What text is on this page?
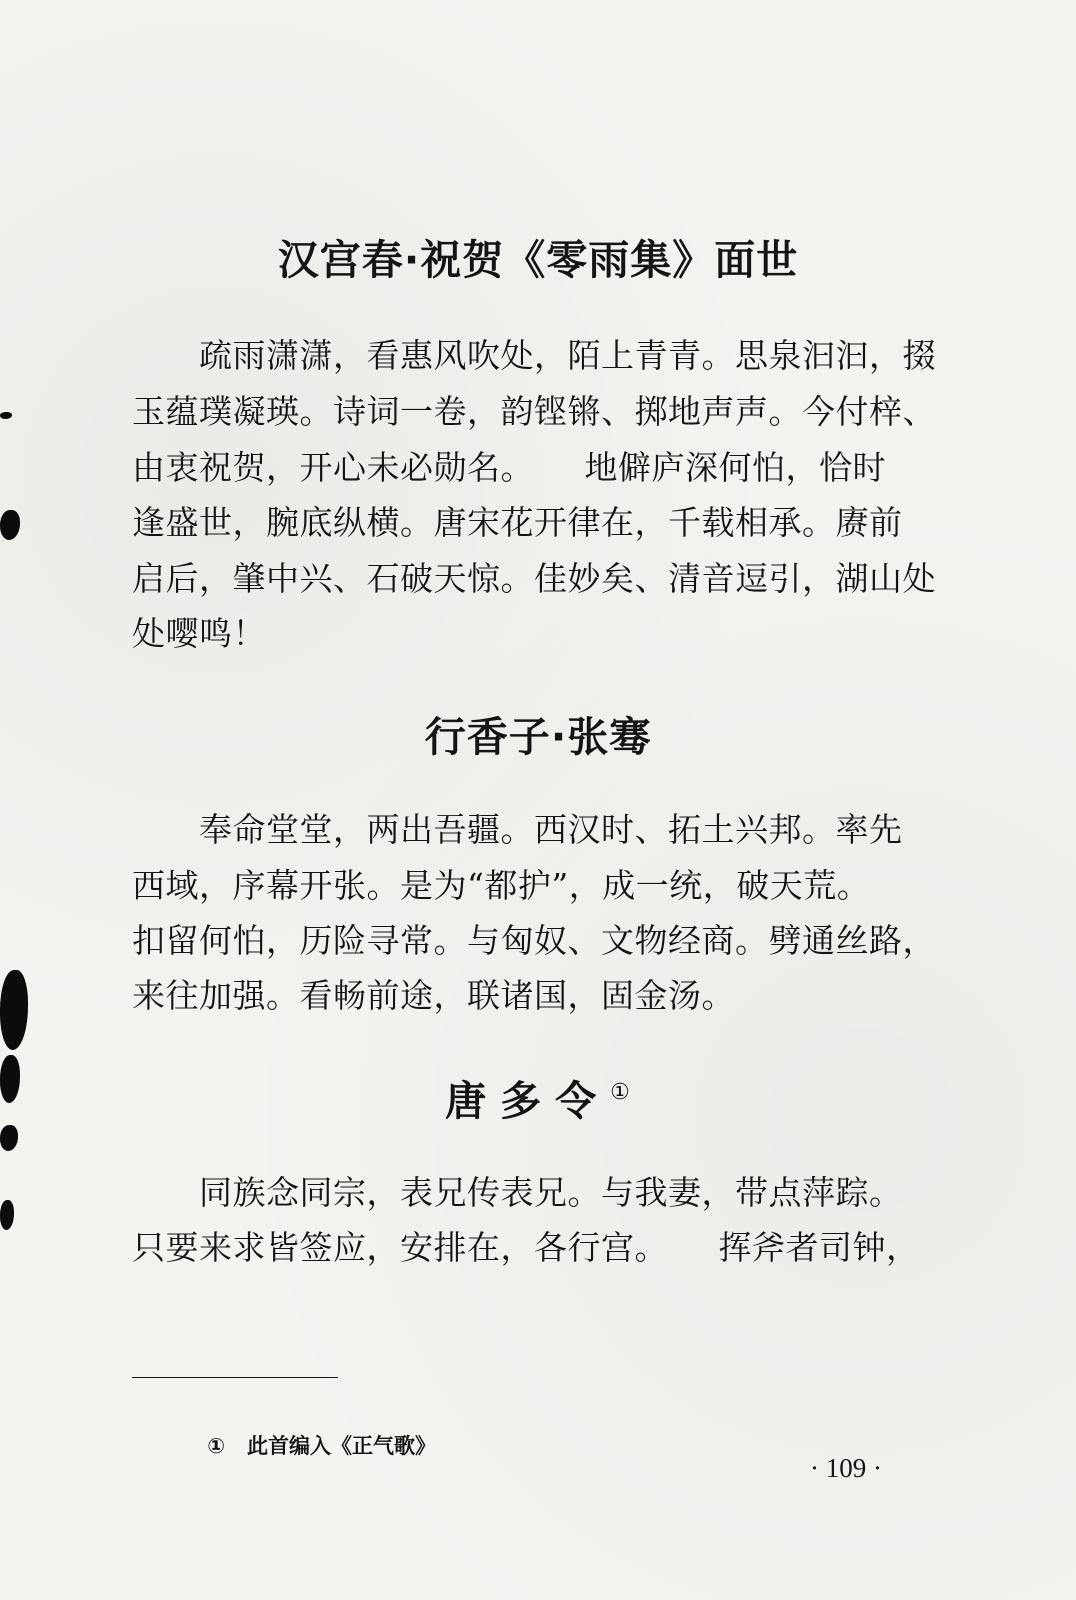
汉宫春·祝贺《零雨集》面世
　　疏雨潇潇，看惠风吹处，陌上青青。思泉汩汩，掇
玉蕴璞凝瑛。诗词一卷，韵铿锵、掷地声声。今付梓、
由衷祝贺，开心未必勋名。　　地僻庐深何怕，恰时
逢盛世，腕底纵横。唐宋花开律在，千载相承。赓前
启后，肇中兴、石破天惊。佳妙矣、清音逗引，湖山处
处嘤鸣！
行香子·张骞
　　奉命堂堂，两出吾疆。西汉时、拓土兴邦。率先
西域，序幕开张。是为“都护”，成一统，破天荒。
扣留何怕，历险寻常。与匈奴、文物经商。劈通丝路，
来往加强。看畅前途，联诸国，固金汤。
唐多令①
　　同族念同宗，表兄传表兄。与我妻，带点萍踪。
只要来求皆签应，安排在，各行宫。　　挥斧者司钟，

① 此首编入《正气歌》

· 109 ·
